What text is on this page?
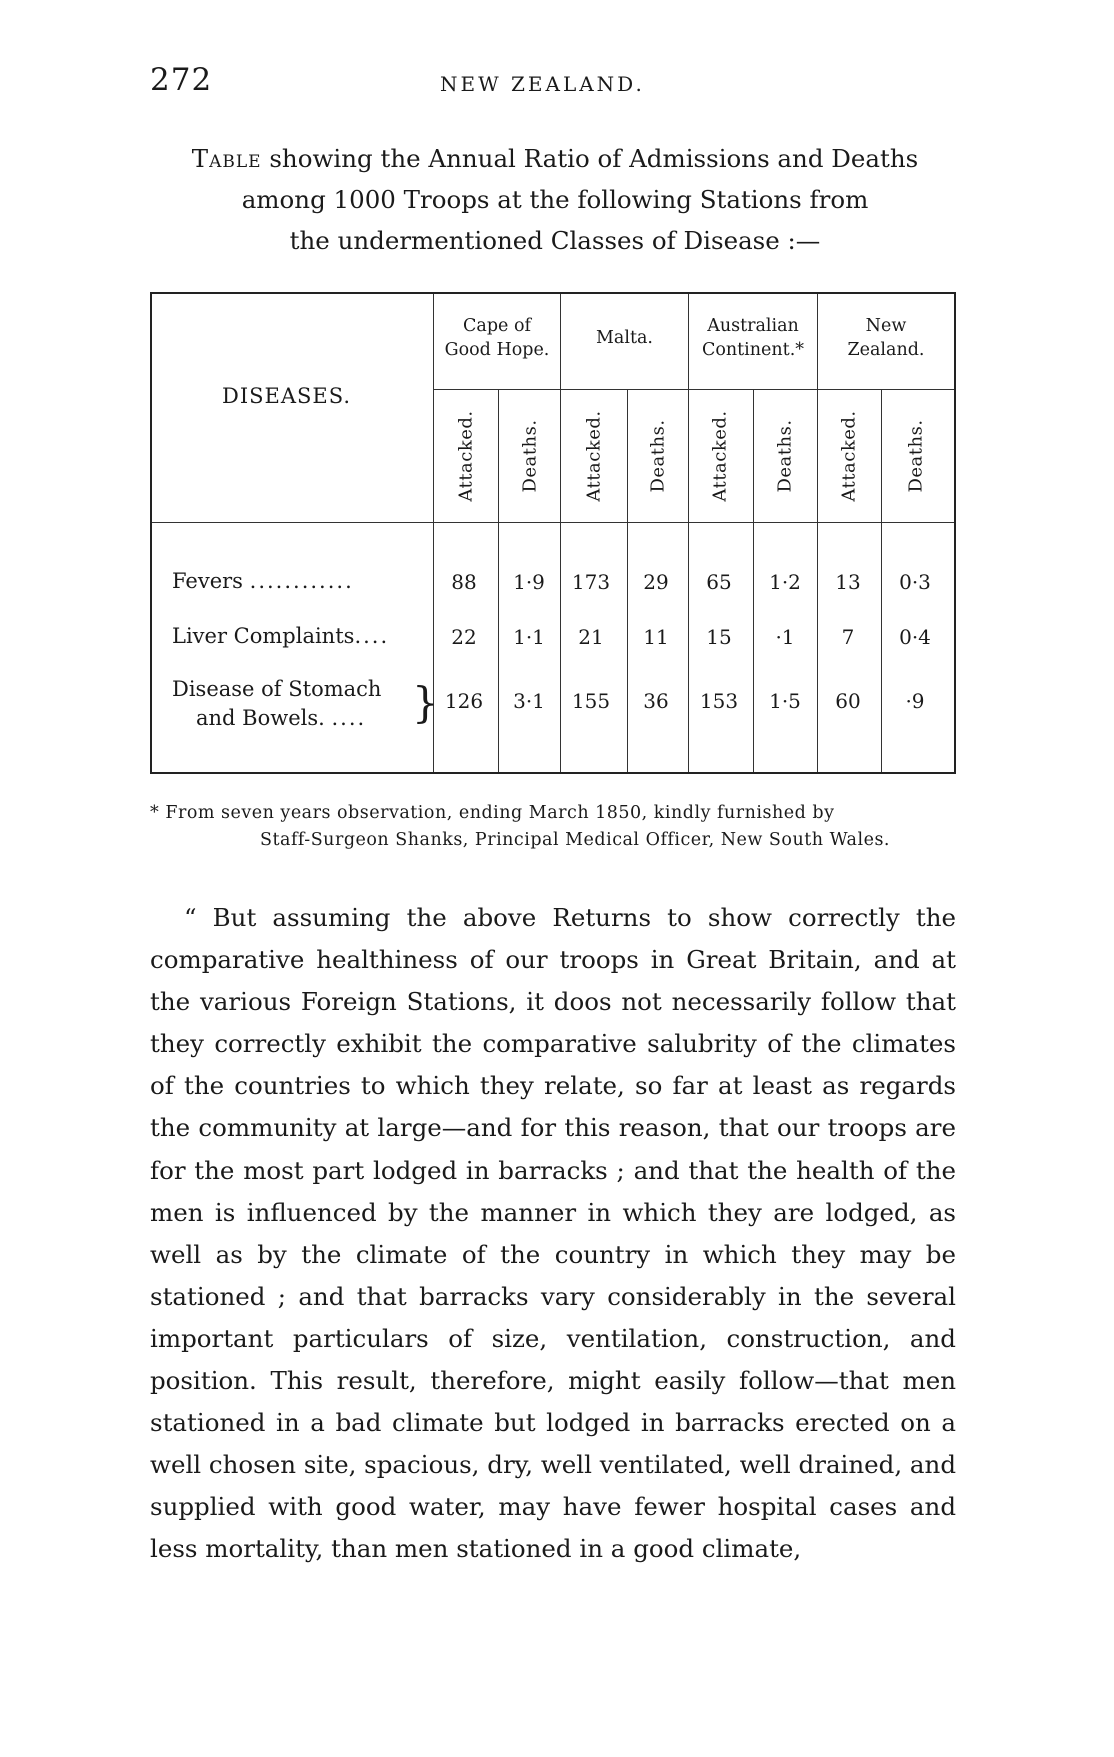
272	NEW ZEALAND.
Table showing the Annual Ratio of Admissions and Deaths
among 1000 Troops at the following Stations from
the undermentioned Classes of Disease :—
DISEASES.
Cape of
Good Hope.
Malta.
Australian
Continent.*
New
Zealand.
Attacked. Deaths. Attacked. Deaths. Attacked. Deaths. Attacked.	Deaths.
Fevers ............	88	1·9	173	29	65	1·2	13	0·3
Liver Complaints....	22	1·1	21	11	15	·1	7	0·4
Disease of Stomach
and Bowels. .... } 126	3·1	155	36	153	1·5	60	·9
* From seven years observation, ending March 1850, kindly furnished by
Staff-Surgeon Shanks, Principal Medical Officer, New South Wales.

“ But assuming the above Returns to show correctly the comparative healthiness of our troops in Great Britain, and at the various Foreign Stations, it doos not necessarily follow that they correctly exhibit the comparative salubrity of the climates of the countries to which they relate, so far at least as regards the community at large—and for this reason, that our troops are for the most part lodged in barracks ; and that the health of the men is influenced by the manner in which they are lodged, as well as by the climate of the country in which they may be stationed ; and that barracks vary considerably in the several important particulars of size, ventilation, construction, and position. This result, therefore, might easily follow—that men stationed in a bad climate but lodged in barracks erected on a well chosen site, spacious, dry, well ventilated, well drained, and supplied with good water, may have fewer hospital cases and less mortality, than men stationed in a good climate,
